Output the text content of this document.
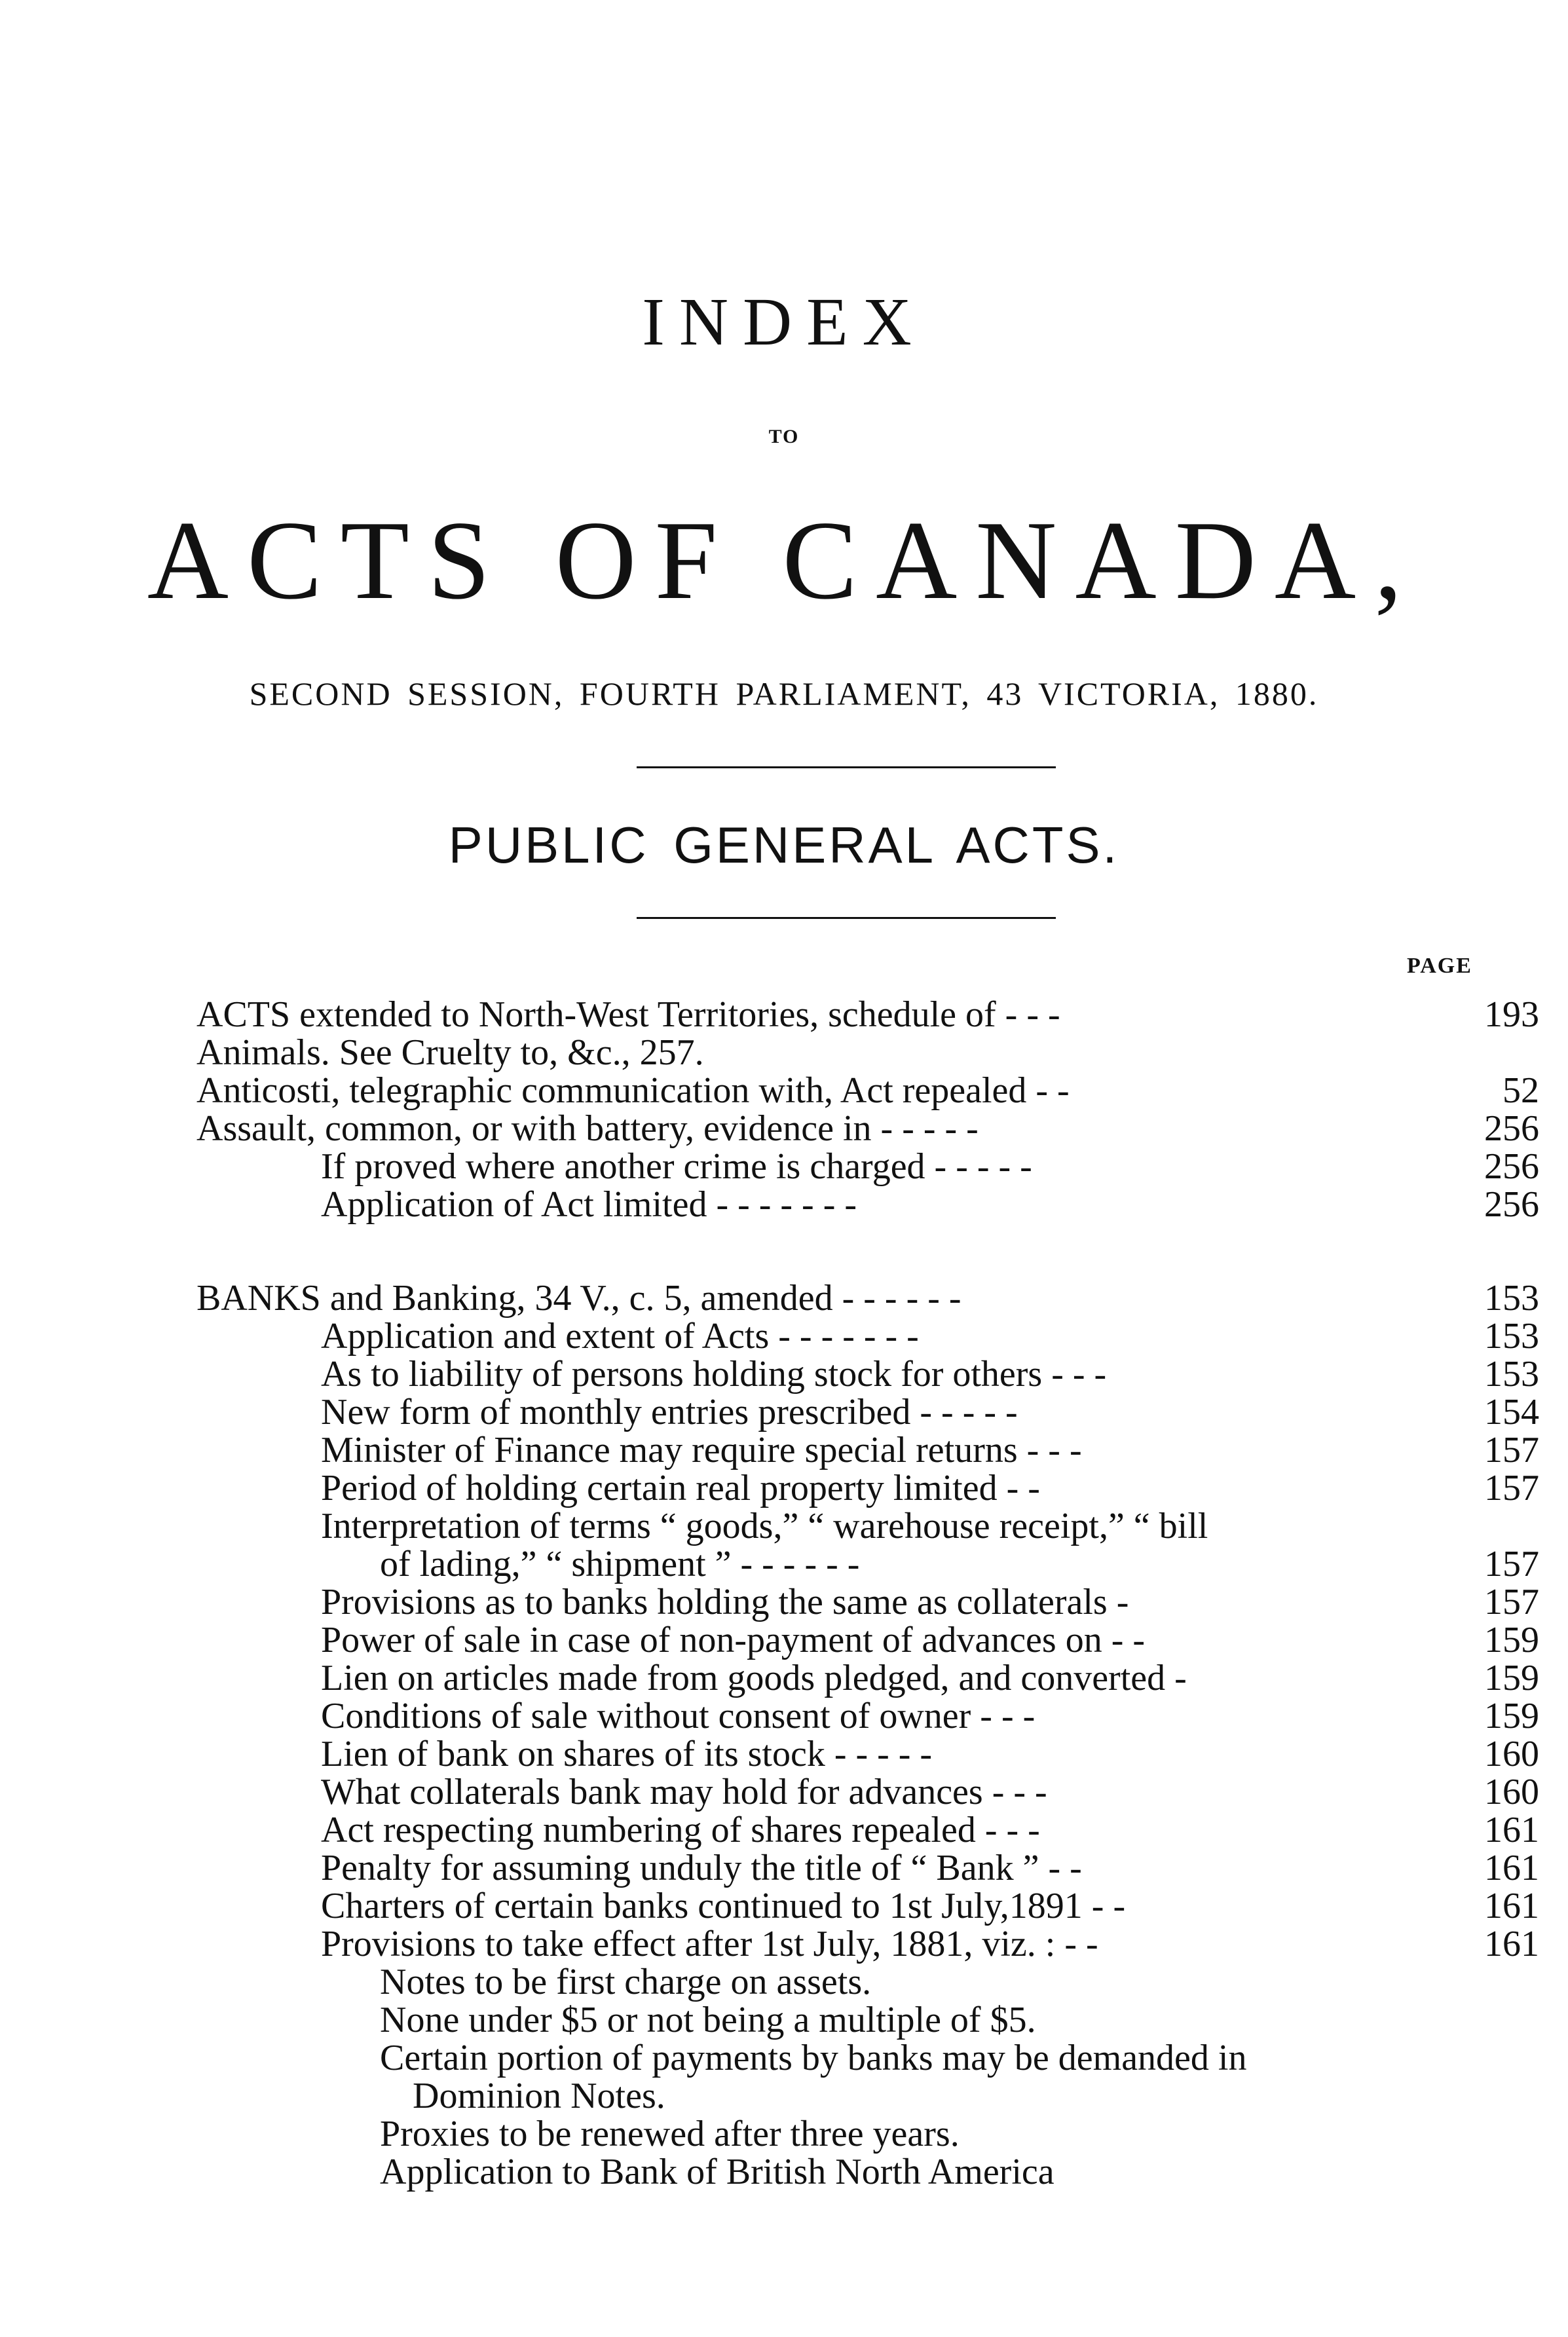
INDEX
TO
ACTS OF CANADA,
SECOND SESSION, FOURTH PARLIAMENT, 43 VICTORIA, 1880.
PUBLIC GENERAL ACTS.
PAGE
ACTS extended to North-West Territories, schedule of - - -	193
Animals. See Cruelty to, &c., 257.
Anticosti, telegraphic communication with, Act repealed - -	52
Assault, common, or with battery, evidence in - - - - -	256
If proved where another crime is charged - - - - -	256
Application of Act limited - - - - - - -	256
BANKS and Banking, 34 V., c. 5, amended - - - - - -	153
Application and extent of Acts - - - - - - -	153
As to liability of persons holding stock for others - - -	153
New form of monthly entries prescribed - - - - -	154
Minister of Finance may require special returns - - -	157
Period of holding certain real property limited - -	157
Interpretation of terms “ goods,” “ warehouse receipt,” “ bill
of lading,” “ shipment ” - - - - - -	157
Provisions as to banks holding the same as collaterals -	157
Power of sale in case of non-payment of advances on - -	159
Lien on articles made from goods pledged, and converted -	159
Conditions of sale without consent of owner - - -	159
Lien of bank on shares of its stock - - - - -	160
What collaterals bank may hold for advances - - -	160
Act respecting numbering of shares repealed - - -	161
Penalty for assuming unduly the title of “ Bank ” - -	161
Charters of certain banks continued to 1st July,1891 - -	161
Provisions to take effect after 1st July, 1881, viz. : - -	161
Notes to be first charge on assets.
None under $5 or not being a multiple of $5.
Certain portion of payments by banks may be demanded in
Dominion Notes.
Proxies to be renewed after three years.
Application to Bank of British North America
